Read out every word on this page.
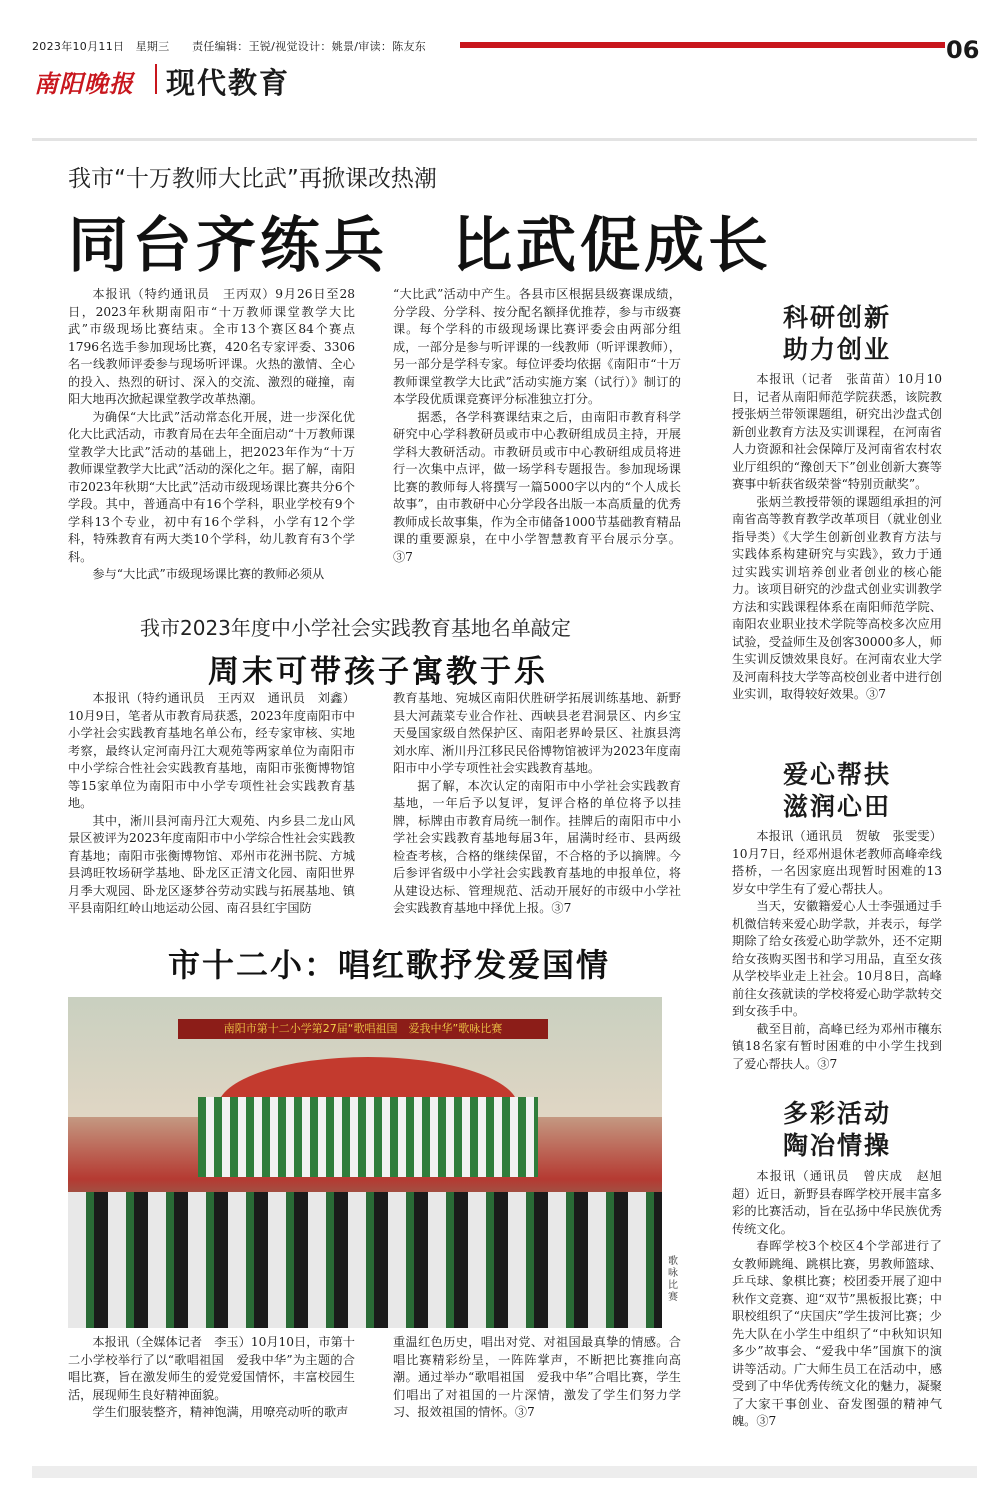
2023年10月11日　星期三　　责任编辑：王锐/视觉设计：姚景/审读：陈友东	06
南阳晚报 现代教育
我市“十万教师大比武”再掀课改热潮
同台齐练兵　比武促成长

本报讯（特约通讯员　王丙双）9月26日至28日，2023年秋期南阳市“十万教师课堂教学大比武”市级现场比赛结束。全市13个赛区84个赛点1796名选手参加现场比赛，420名专家评委、3306名一线教师评委参与现场听评课。火热的激情、全心的投入、热烈的研讨、深入的交流、激烈的碰撞，南阳大地再次掀起课堂教学改革热潮。

为确保“大比武”活动常态化开展，进一步深化优化大比武活动，市教育局在去年全面启动“十万教师课堂教学大比武”活动的基础上，把2023年作为“十万教师课堂教学大比武”活动的深化之年。据了解，南阳市2023年秋期“大比武”活动市级现场课比赛共分6个学段。其中，普通高中有16个学科，职业学校有9个学科13个专业，初中有16个学科，小学有12个学科，特殊教育有两大类10个学科，幼儿教育有3个学科。

参与“大比武”市级现场课比赛的教师必须从

“大比武”活动中产生。各县市区根据县级赛课成绩，分学段、分学科、按分配名额择优推荐，参与市级赛课。每个学科的市级现场课比赛评委会由两部分组成，一部分是参与听评课的一线教师（听评课教师），另一部分是学科专家。每位评委均依据《南阳市“十万教师课堂教学大比武”活动实施方案（试行）》制订的本学段优质课竞赛评分标准独立打分。

据悉，各学科赛课结束之后，由南阳市教育科学研究中心学科教研员或市中心教研组成员主持，开展学科大教研活动。市教研员或市中心教研组成员将进行一次集中点评，做一场学科专题报告。参加现场课比赛的教师每人将撰写一篇5000字以内的“个人成长故事”，由市教研中心分学段各出版一本高质量的优秀教师成长故事集，作为全市储备1000节基础教育精品课的重要源泉，在中小学智慧教育平台展示分享。③7

我市2023年度中小学社会实践教育基地名单敲定
周末可带孩子寓教于乐

本报讯（特约通讯员　王丙双　通讯员　刘鑫）10月9日，笔者从市教育局获悉，2023年度南阳市中小学社会实践教育基地名单公布，经专家审核、实地考察，最终认定河南丹江大观苑等两家单位为南阳市中小学综合性社会实践教育基地，南阳市张衡博物馆等15家单位为南阳市中小学专项性社会实践教育基地。

其中，淅川县河南丹江大观苑、内乡县二龙山风景区被评为2023年度南阳市中小学综合性社会实践教育基地；南阳市张衡博物馆、邓州市花洲书院、方城县鸿旺牧场研学基地、卧龙区正清文化园、南阳世界月季大观园、卧龙区逐梦谷劳动实践与拓展基地、镇平县南阳红岭山地运动公园、南召县红宇国防

教育基地、宛城区南阳伏胜研学拓展训练基地、新野县大河蔬菜专业合作社、西峡县老君洞景区、内乡宝天曼国家级自然保护区、南阳老界岭景区、社旗县湾刘水库、淅川丹江移民民俗博物馆被评为2023年度南阳市中小学专项性社会实践教育基地。

据了解，本次认定的南阳市中小学社会实践教育基地，一年后予以复评，复评合格的单位将予以挂牌，标牌由市教育局统一制作。挂牌后的南阳市中小学社会实践教育基地每届3年，届满时经市、县两级检查考核，合格的继续保留，不合格的予以摘牌。今后参评省级中小学社会实践教育基地的申报单位，将从建设达标、管理规范、活动开展好的市级中小学社会实践教育基地中择优上报。③7

市十二小：唱红歌抒发爱国情
南阳市第十二小学第27届“歌唱祖国　爱我中华”歌咏比赛
歌咏比赛

本报讯（全媒体记者　李玉）10月10日，市第十二小学校举行了以“歌唱祖国　爱我中华”为主题的合唱比赛，旨在激发师生的爱党爱国情怀，丰富校园生活，展现师生良好精神面貌。

学生们服装整齐，精神饱满，用嘹亮动听的歌声

重温红色历史，唱出对党、对祖国最真挚的情感。合唱比赛精彩纷呈，一阵阵掌声，不断把比赛推向高潮。通过举办“歌唱祖国　爱我中华”合唱比赛，学生们唱出了对祖国的一片深情，激发了学生们努力学习、报效祖国的情怀。③7

科研创新
助力创业

本报讯（记者　张苗苗）10月10日，记者从南阳师范学院获悉，该院教授张炳兰带领课题组，研究出沙盘式创新创业教育方法及实训课程，在河南省人力资源和社会保障厅及河南省农村农业厅组织的“豫创天下”创业创新大赛等赛事中斩获省级荣誉“特别贡献奖”。

张炳兰教授带领的课题组承担的河南省高等教育教学改革项目（就业创业指导类）《大学生创新创业教育方法与实践体系构建研究与实践》，致力于通过实践实训培养创业者创业的核心能力。该项目研究的沙盘式创业实训教学方法和实践课程体系在南阳师范学院、南阳农业职业技术学院等高校多次应用试验，受益师生及创客30000多人，师生实训反馈效果良好。在河南农业大学及河南科技大学等高校创业者中进行创业实训，取得较好效果。③7

爱心帮扶
滋润心田

本报讯（通讯员　贺敏　张雯雯）10月7日，经邓州退休老教师高峰牵线搭桥，一名因家庭出现暂时困难的13岁女中学生有了爱心帮扶人。

当天，安徽籍爱心人士李强通过手机微信转来爱心助学款，并表示，每学期除了给女孩爱心助学款外，还不定期给女孩购买图书和学习用品，直至女孩从学校毕业走上社会。10月8日，高峰前往女孩就读的学校将爱心助学款转交到女孩手中。

截至目前，高峰已经为邓州市穰东镇18名家有暂时困难的中小学生找到了爱心帮扶人。③7

多彩活动
陶冶情操

本报讯（通讯员　曾庆成　赵旭超）近日，新野县春晖学校开展丰富多彩的比赛活动，旨在弘扬中华民族优秀传统文化。

春晖学校3个校区4个学部进行了女教师跳绳、跳棋比赛，男教师篮球、乒乓球、象棋比赛；校团委开展了迎中秋作文竞赛、迎“双节”黑板报比赛；中职校组织了“庆国庆”学生拔河比赛；少先大队在小学生中组织了“中秋知识知多少”故事会、“爱我中华”国旗下的演讲等活动。广大师生员工在活动中，感受到了中华优秀传统文化的魅力，凝聚了大家干事创业、奋发图强的精神气魄。③7
